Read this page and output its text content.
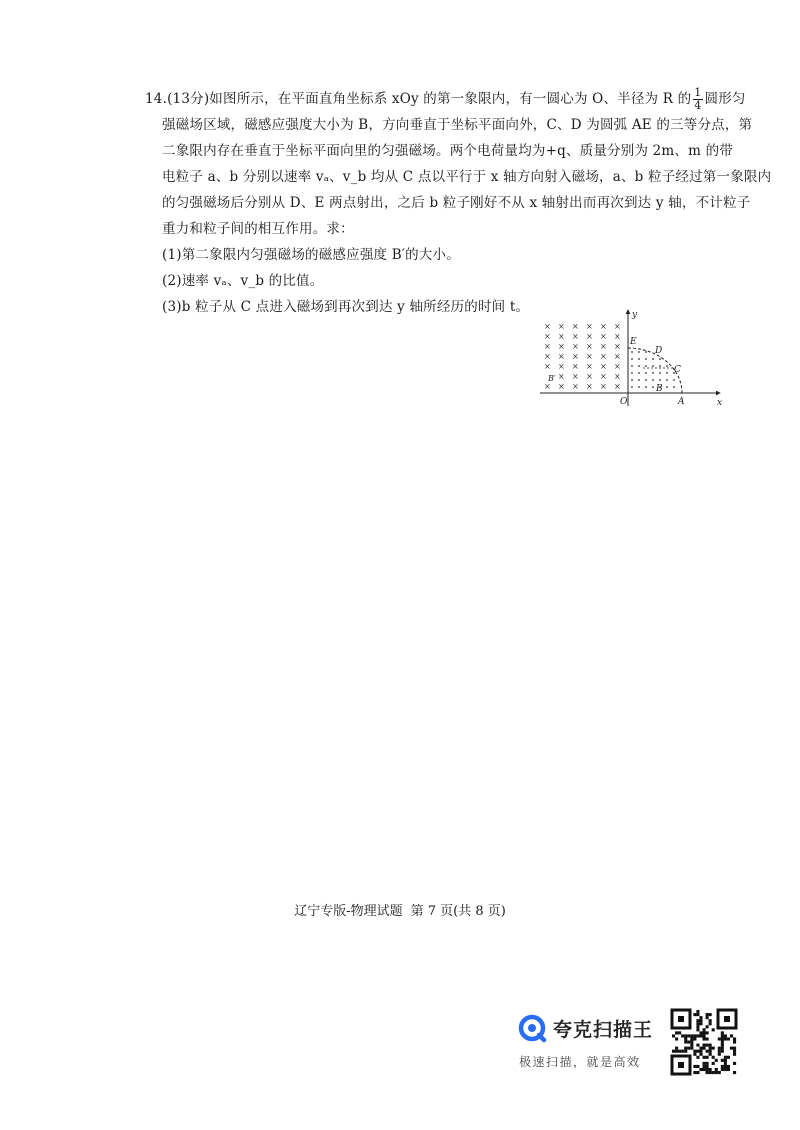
14.(13分)如图所示，在平面直角坐标系 xOy 的第一象限内，有一圆心为 O、半径为 R 的 $\frac{1}{4}$ 圆形匀
强磁场区域，磁感应强度大小为 B，方向垂直于坐标平面向外，C、D 为圆弧 AE 的三等分点，第
二象限内存在垂直于坐标平面向里的匀强磁场。两个电荷量均为+q、质量分别为 2m、m 的带
电粒子 a、b 分别以速率 vₐ、v_b 均从 C 点以平行于 x 轴方向射入磁场，a、b 粒子经过第一象限内
的匀强磁场后分别从 D、E 两点射出，之后 b 粒子刚好不从 x 轴射出而再次到达 y 轴，不计粒子
重力和粒子间的相互作用。求：
(1)第二象限内匀强磁场的磁感应强度 B′的大小。
(2)速率 vₐ、v_b 的比值。
(3)b 粒子从 C 点进入磁场到再次到达 y 轴所经历的时间 t。
× × × × × ×
× × × × × ×
× × × × × ×
× × × × × ×
× × × × × ×
× × × × ×
× × × × × ×
y
x
O
E
D
C
A
B
B′
辽宁专版-物理试题 第 7 页(共 8 页)
夸克扫描王
极速扫描，就是高效
